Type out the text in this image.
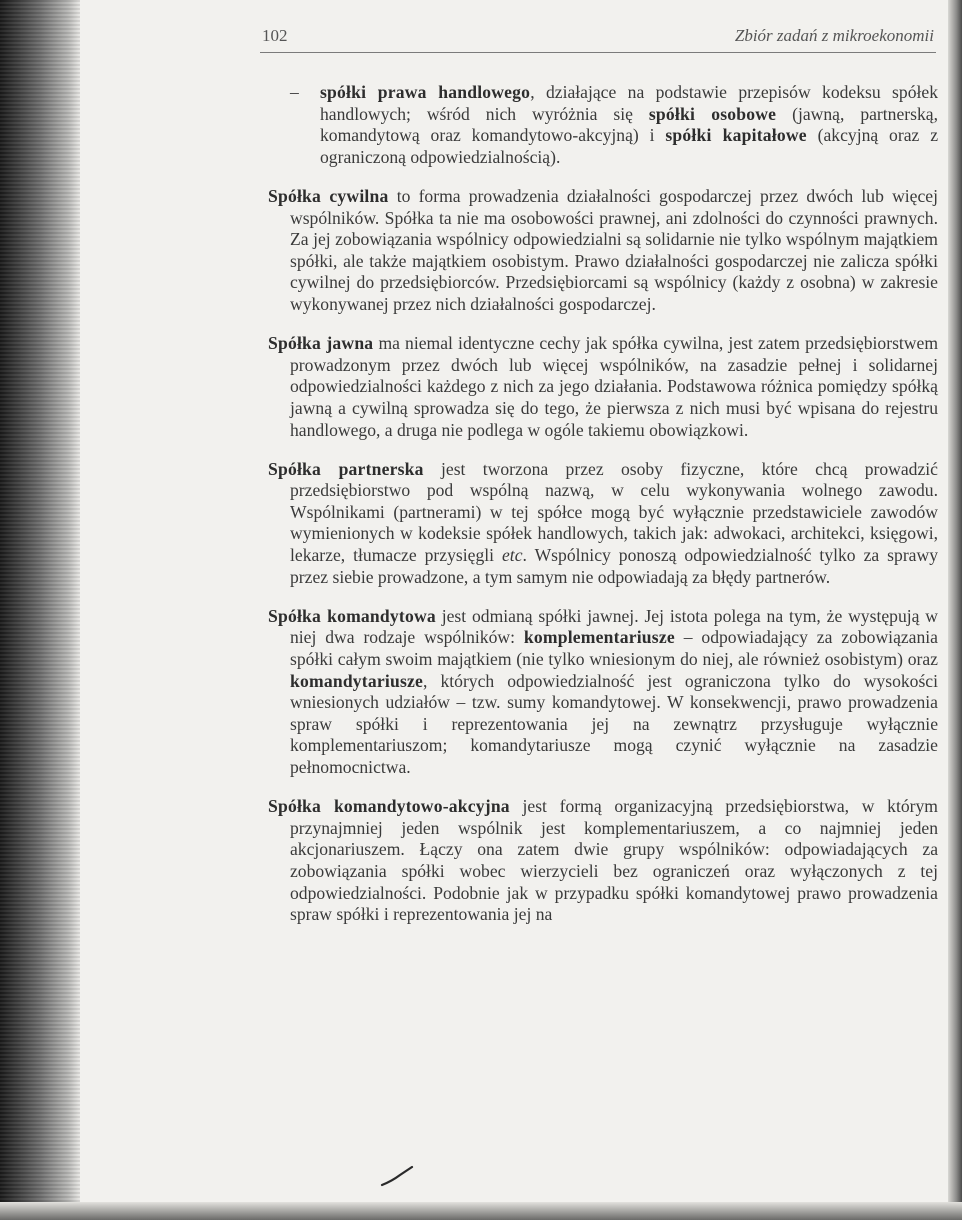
102	Zbiór zadań z mikroekonomii
– spółki prawa handlowego, działające na podstawie przepisów kodeksu spółek handlowych; wśród nich wyróżnia się spółki osobowe (jawną, partnerską, komandytową oraz komandytowo-akcyjną) i spółki kapitałowe (akcyjną oraz z ograniczoną odpowiedzialnością).

Spółka cywilna to forma prowadzenia działalności gospodarczej przez dwóch lub więcej wspólników. Spółka ta nie ma osobowości prawnej, ani zdolności do czynności prawnych. Za jej zobowiązania wspólnicy odpowiedzialni są solidarnie nie tylko wspólnym majątkiem spółki, ale także majątkiem osobistym. Prawo działalności gospodarczej nie zalicza spółki cywilnej do przedsiębiorców. Przedsiębiorcami są wspólnicy (każdy z osobna) w zakresie wykonywanej przez nich działalności gospodarczej.

Spółka jawna ma niemal identyczne cechy jak spółka cywilna, jest zatem przedsiębiorstwem prowadzonym przez dwóch lub więcej wspólników, na zasadzie pełnej i solidarnej odpowiedzialności każdego z nich za jego działania. Podstawowa różnica pomiędzy spółką jawną a cywilną sprowadza się do tego, że pierwsza z nich musi być wpisana do rejestru handlowego, a druga nie podlega w ogóle takiemu obowiązkowi.

Spółka partnerska jest tworzona przez osoby fizyczne, które chcą prowadzić przedsiębiorstwo pod wspólną nazwą, w celu wykonywania wolnego zawodu. Wspólnikami (partnerami) w tej spółce mogą być wyłącznie przedstawiciele zawodów wymienionych w kodeksie spółek handlowych, takich jak: adwokaci, architekci, księgowi, lekarze, tłumacze przysięgli etc. Wspólnicy ponoszą odpowiedzialność tylko za sprawy przez siebie prowadzone, a tym samym nie odpowiadają za błędy partnerów.

Spółka komandytowa jest odmianą spółki jawnej. Jej istota polega na tym, że występują w niej dwa rodzaje wspólników: komplementariusze – odpowiadający za zobowiązania spółki całym swoim majątkiem (nie tylko wniesionym do niej, ale również osobistym) oraz komandytariusze, których odpowiedzialność jest ograniczona tylko do wysokości wniesionych udziałów – tzw. sumy komandytowej. W konsekwencji, prawo prowadzenia spraw spółki i reprezentowania jej na zewnątrz przysługuje wyłącznie komplementariuszom; komandytariusze mogą czynić wyłącznie na zasadzie pełnomocnictwa.

Spółka komandytowo-akcyjna jest formą organizacyjną przedsiębiorstwa, w którym przynajmniej jeden wspólnik jest komplementariuszem, a co najmniej jeden akcjonariuszem. Łączy ona zatem dwie grupy wspólników: odpowiadających za zobowiązania spółki wobec wierzycieli bez ograniczeń oraz wyłączonych z tej odpowiedzialności. Podobnie jak w przypadku spółki komandytowej prawo prowadzenia spraw spółki i reprezentowania jej na
